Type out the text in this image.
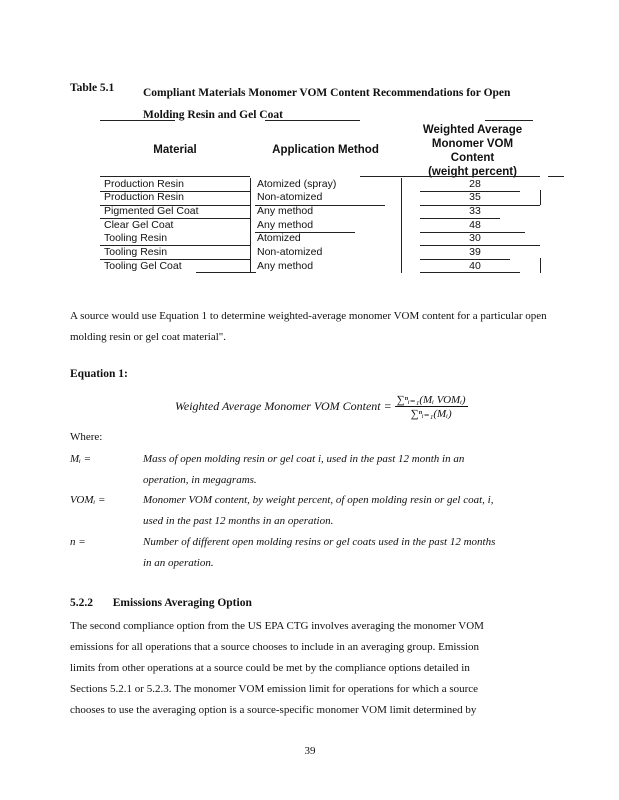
Table 5.1 Compliant Materials Monomer VOM Content Recommendations for Open Molding Resin and Gel Coat
Material	Application Method
Weighted Average
Monomer VOM
Content
(weight percent)
Production Resin	Atomized (spray)	28
Production Resin	Non-atomized	35
Pigmented Gel Coat	Any method	33
Clear Gel Coat	Any method	48
Tooling Resin	Atomized	30
Tooling Resin	Non-atomized	39
Tooling Gel Coat	Any method	40
A source would use Equation 1 to determine weighted-average monomer VOM content for a particular open molding resin or gel coat material".
Equation 1:
Weighted Average Monomer VOM Content = $\frac{\text{∑ⁿᵢ₌₁(Mᵢ VOMᵢ)}}{\text{∑ⁿᵢ₌₁(Mᵢ)}}$
Where:
Mᵢ =	Mass of open molding resin or gel coat i, used in the past 12 month in an
operation, in megagrams.
VOMᵢ =	Monomer VOM content, by weight percent, of open molding resin or gel coat, i,
used in the past 12 months in an operation.
n =	Number of different open molding resins or gel coats used in the past 12 months
in an operation.
5.2.2 Emissions Averaging Option
The second compliance option from the US EPA CTG involves averaging the monomer VOM
emissions for all operations that a source chooses to include in an averaging group. Emission
limits from other operations at a source could be met by the compliance options detailed in
Sections 5.2.1 or 5.2.3. The monomer VOM emission limit for operations for which a source
chooses to use the averaging option is a source-specific monomer VOM limit determined by
39
